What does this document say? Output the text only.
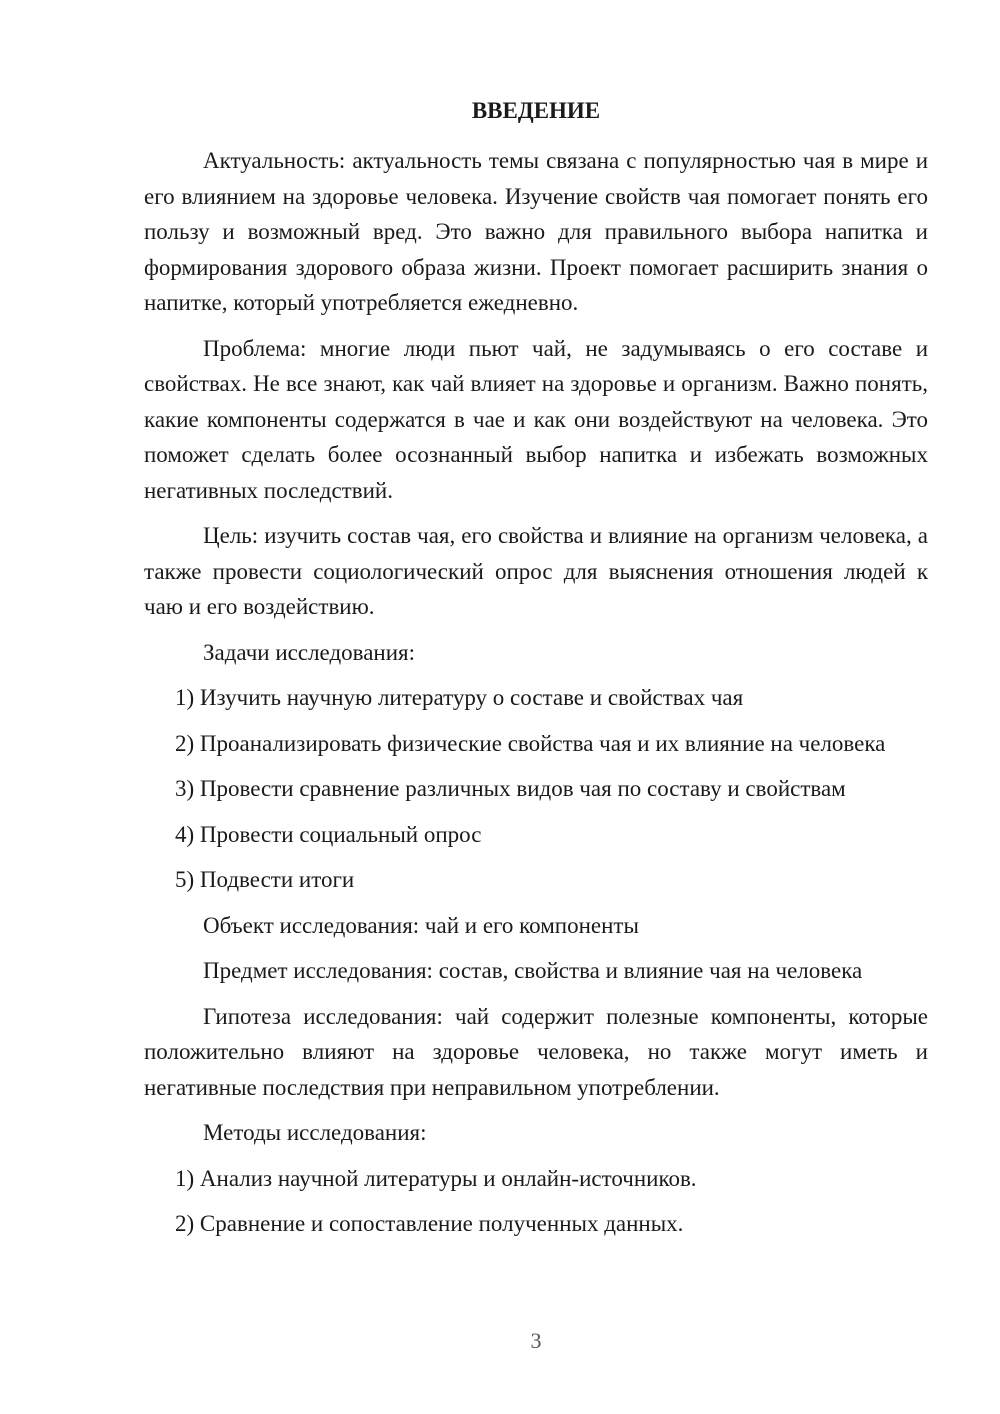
ВВЕДЕНИЕ

Актуальность: актуальность темы связана с популярностью чая в мире и его влиянием на здоровье человека. Изучение свойств чая помогает понять его пользу и возможный вред. Это важно для правильного выбора напитка и формирования здорового образа жизни. Проект помогает расширить знания о напитке, который употребляется ежедневно.

Проблема: многие люди пьют чай, не задумываясь о его составе и свойствах. Не все знают, как чай влияет на здоровье и организм. Важно понять, какие компоненты содержатся в чае и как они воздействуют на человека. Это поможет сделать более осознанный выбор напитка и избежать возможных негативных последствий.

Цель: изучить состав чая, его свойства и влияние на организм человека, а также провести социологический опрос для выяснения отношения людей к чаю и его воздействию.

Задачи исследования:

1) Изучить научную литературу о составе и свойствах чая

2) Проанализировать физические свойства чая и их влияние на человека

3) Провести сравнение различных видов чая по составу и свойствам

4) Провести социальный опрос

5) Подвести итоги

Объект исследования: чай и его компоненты

Предмет исследования: состав, свойства и влияние чая на человека

Гипотеза исследования: чай содержит полезные компоненты, которые положительно влияют на здоровье человека, но также могут иметь и негативные последствия при неправильном употреблении.

Методы исследования:

1) Анализ научной литературы и онлайн-источников.

2) Сравнение и сопоставление полученных данных.

3
